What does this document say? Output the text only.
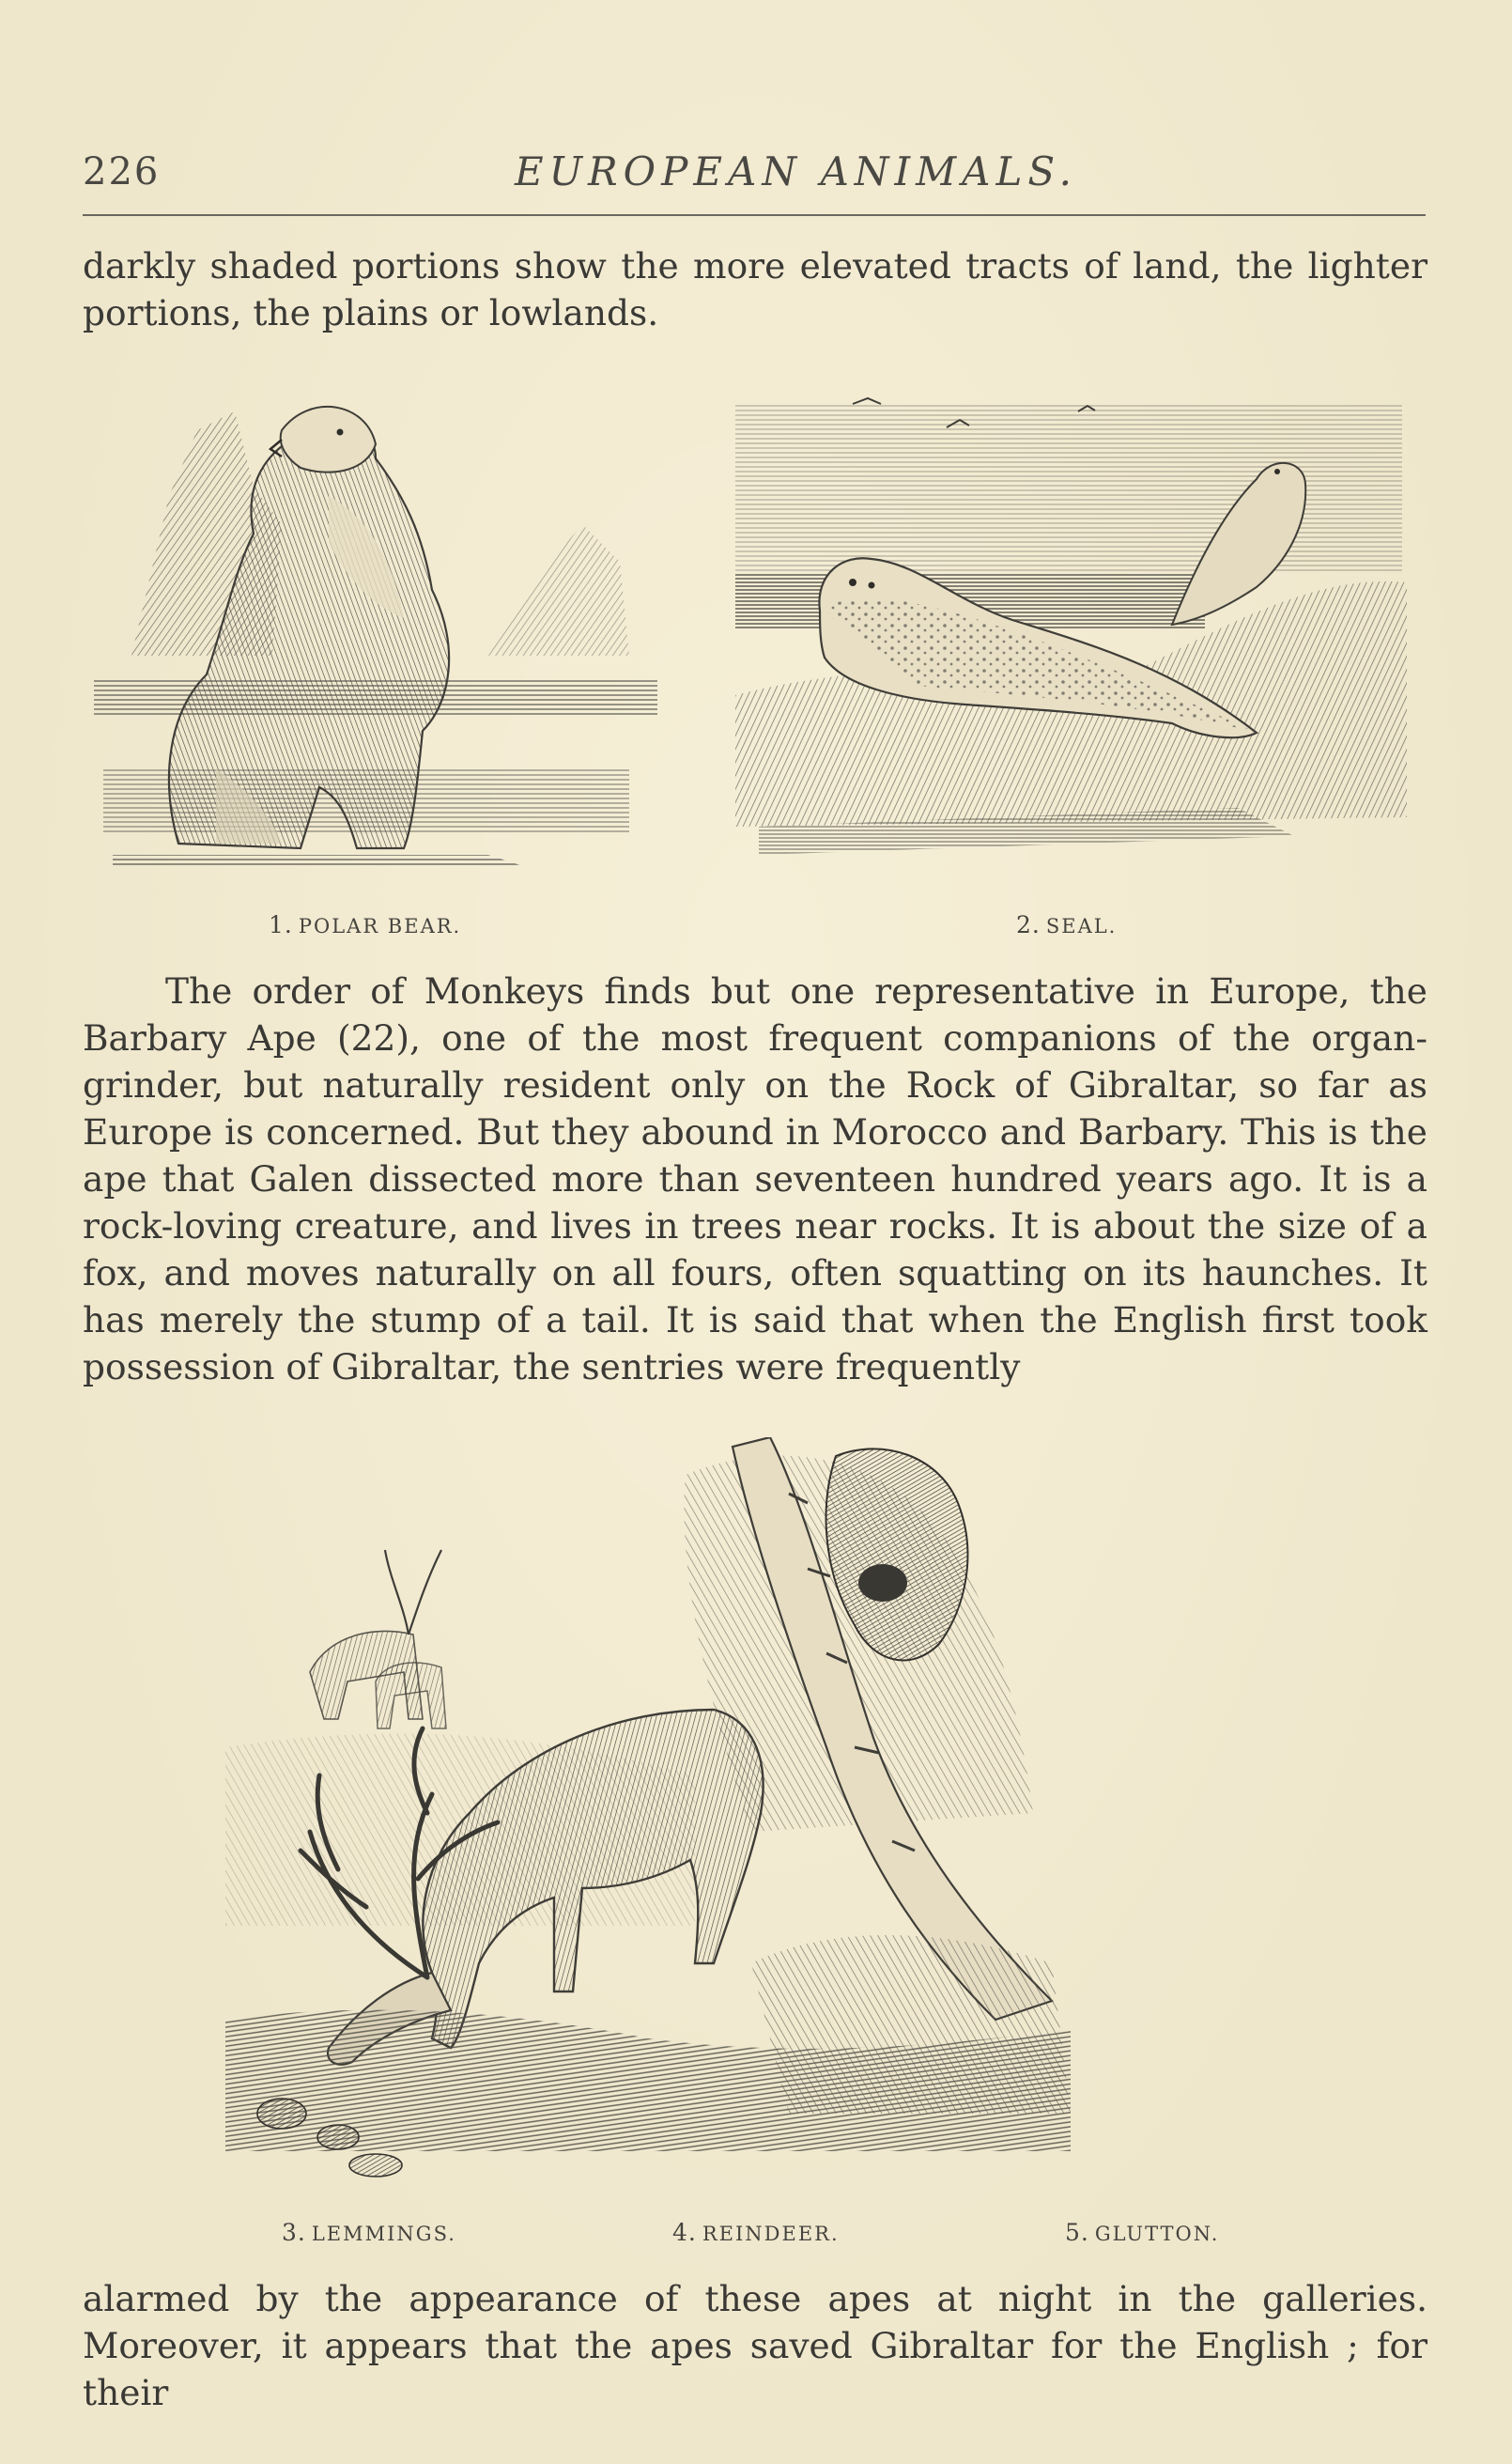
226	EUROPEAN ANIMALS.

darkly shaded portions show the more elevated tracts of land, the lighter portions, the plains or lowlands.

1. POLAR BEAR.	2. SEAL.

The order of Monkeys finds but one representative in Europe, the Barbary Ape (22), one of the most frequent companions of the organ-grinder, but naturally resident only on the Rock of Gibraltar, so far as Europe is concerned. But they abound in Morocco and Barbary. This is the ape that Galen dissected more than seventeen hundred years ago. It is a rock-loving creature, and lives in trees near rocks. It is about the size of a fox, and moves naturally on all fours, often squatting on its haunches. It has merely the stump of a tail. It is said that when the English first took possession of Gibraltar, the sentries were frequently

3. LEMMINGS.	4. REINDEER.	5. GLUTTON.

alarmed by the appearance of these apes at night in the galleries. Moreover, it appears that the apes saved Gibraltar for the English ; for their
